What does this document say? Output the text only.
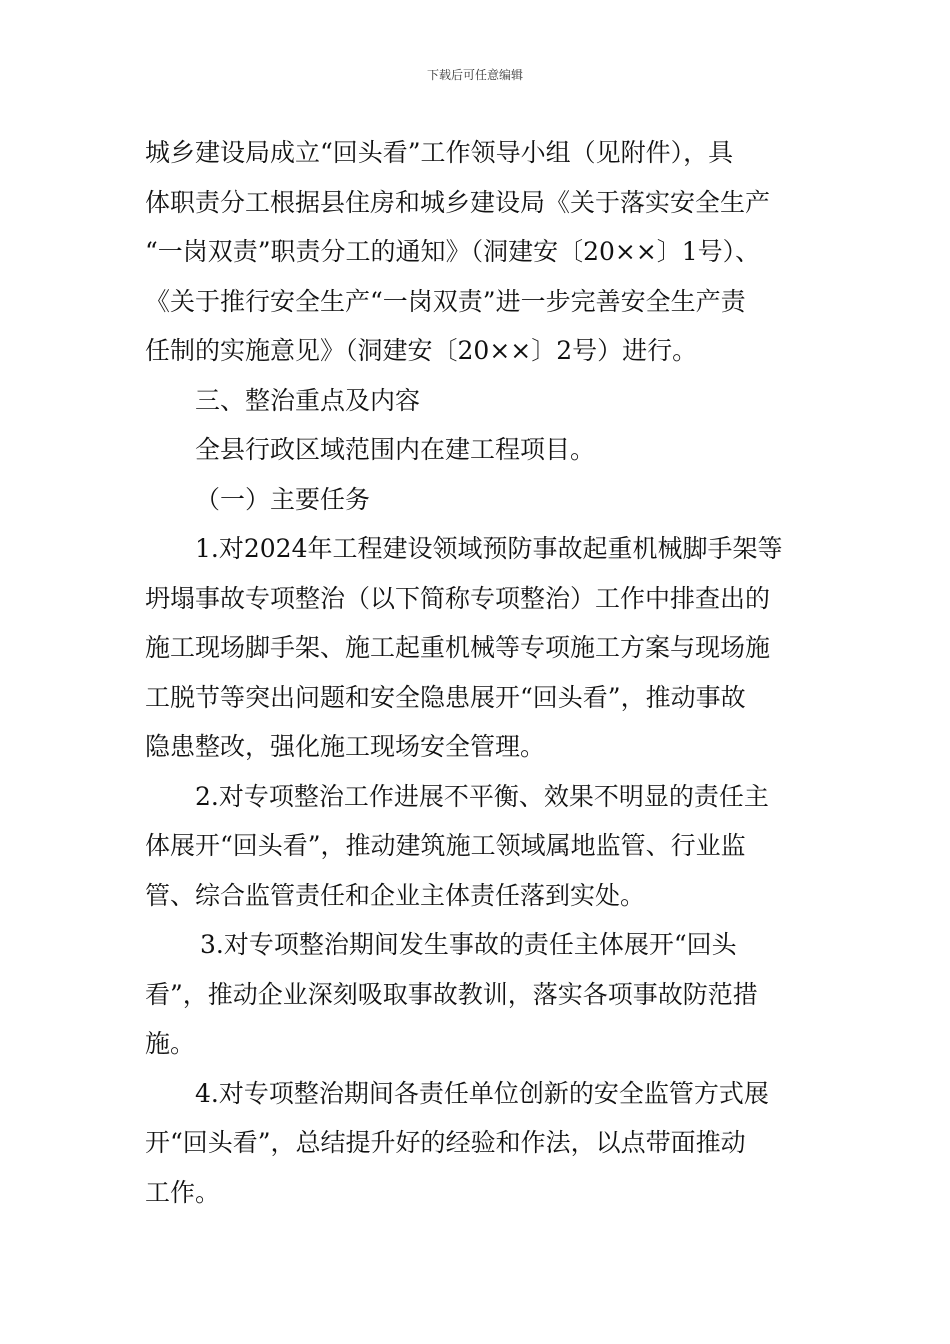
下载后可任意编辑
城乡建设局成立“回头看”工作领导小组（见附件），具
体职责分工根据县住房和城乡建设局《关于落实安全生产
“一岗双责”职责分工的通知》（洞建安〔20××〕1号）、
《关于推行安全生产“一岗双责”进一步完善安全生产责
任制的实施意见》（洞建安〔20××〕2号）进行。
三、整治重点及内容
全县行政区域范围内在建工程项目。
（一）主要任务
1.对2024年工程建设领域预防事故起重机械脚手架等
坍塌事故专项整治（以下简称专项整治）工作中排查出的
施工现场脚手架、施工起重机械等专项施工方案与现场施
工脱节等突出问题和安全隐患展开“回头看”，推动事故
隐患整改，强化施工现场安全管理。
2.对专项整治工作进展不平衡、效果不明显的责任主
体展开“回头看”，推动建筑施工领域属地监管、行业监
管、综合监管责任和企业主体责任落到实处。
3.对专项整治期间发生事故的责任主体展开“回头
看”，推动企业深刻吸取事故教训，落实各项事故防范措
施。
4.对专项整治期间各责任单位创新的安全监管方式展
开“回头看”，总结提升好的经验和作法，以点带面推动
工作。
